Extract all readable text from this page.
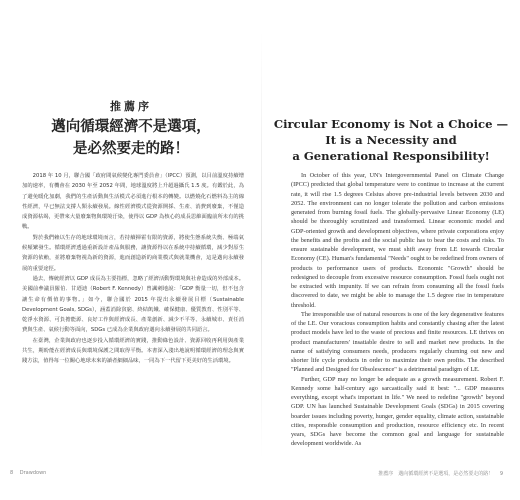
推薦序
邁向循環經濟不是選項，
是必然要走的路！

2018 年 10 月，聯合國「政府間氣候變化專門委員會」（IPCC）預測，以目前溫度持續增加的速率，有機會在 2030 年至 2052 年間，地球溫度將上升超過攝氏 1.5 度。有鑑於此，為了避免暖化加劇，我們的生產活動與生活模式必須進行根本的轉變。以燃燒化石燃料為主的線性經濟，早已無法支撐人類永續發展。線性經濟模式從資源開採、生產、消費到廢棄，不僅造成資源枯竭，更帶來大量廢棄物與環境汙染，使得以 GDP 為核心的成長思維面臨前所未有的挑戰。

對於我們賴以生存的地球環境而言，若持續揮霍有限的資源，將使生態系統失衡、極端氣候頻繁發生。循環經濟透過重新設計產品與服務，讓資源得以在系統中持續循環，減少對原生資源的依賴，並將廢棄物視為新的資源，進而創造新的商業模式與就業機會，這是邁向永續發展的重要途徑。

過去，傳統經濟以 GDP 成長為主要指標，忽略了經濟活動對環境與社會造成的外部成本。美國前參議員羅伯．甘迺迪（Robert F. Kennedy）曾諷刺地說：「GDP 衡量一切，但不包含讓生命有價值的事物。」如今，聯合國於 2015 年提出永續發展目標（Sustainable Development Goals, SDGs），涵蓋消除貧窮、終結飢餓、確保健康、優質教育、性別平等、乾淨水資源、可負擔能源、良好工作與經濟成長、產業創新、減少不平等、永續城市、責任消費與生產、氣候行動等面向，SDGs 已成為企業與政府邁向永續發展的共同語言。

在臺灣，企業與政府也逐步投入循環經濟的實踐，推動綠色設計、資源回收再利用與產業共生，期盼能在經濟成長與環境保護之間取得平衡。本書深入淺出地說明循環經濟的理念與實踐方法，值得每一位關心地球未來的讀者細細品味，一同為下一代留下更美好的生活環境。

8 Drawdown
Circular Economy is Not a Choice —
It is a Necessity and
a Generational Responsibility!

In October of this year, UN's Intergovernmental Panel on Climate Change (IPCC) predicted that global temperature were to continue to increase at the current rate, it will rise 1.5 degrees Celsius above pre-industrial levels between 2030 and 2052. The environment can no longer tolerate the pollution and carbon emissions generated from burning fossil fuels. The globally-pervasive Linear Economy (LE) should be thoroughly scrutinized and transformed. Linear economic model and GDP-oriented growth and development objectives, where private corporations enjoy the benefits and the profits and the social public has to bear the costs and risks. To ensure sustainable development, we must shift away from LE towards Circular Economy (CE). Human's fundamental "Needs" ought to be redefined from owners of products to performance users of products. Economic "Growth" should be redesigned to decouple from excessive resource consumption. Fossil fuels ought not be extracted with impunity. If we can refrain from consuming all the fossil fuels discovered to date, we might be able to manage the 1.5 degree rise in temperature threshold.

The irresponsible use of natural resources is one of the key degenerative features of the LE. Our voracious consumption habits and constantly chasing after the latest product models have led to the waste of precious and finite resources. LE thrives on product manufacturers' insatiable desire to sell and market new products. In the name of satisfying consumers needs, producers regularly churning out new and shorter life cycle products in order to maximize their own profits. The described "Planned and Designed for Obsolescence" is a detrimental paradigm of LE.

Further, GDP may no longer be adequate as a growth measurement. Robert F. Kennedy some half-century ago sarcastically said it best: "... GDP measures everything, except what's important in life." We need to redefine "growth" beyond GDP. UN has launched Sustainable Development Goals (SDGs) in 2015 covering boarder issues including poverty, hunger, gender equality, climate action, sustainable cities, responsible consumption and production, resource efficiency etc. In recent years, SDGs have become the common goal and language for sustainable development worldwide. As

推薦序　邁向循環經濟不是選項，是必然要走的路！ 9
